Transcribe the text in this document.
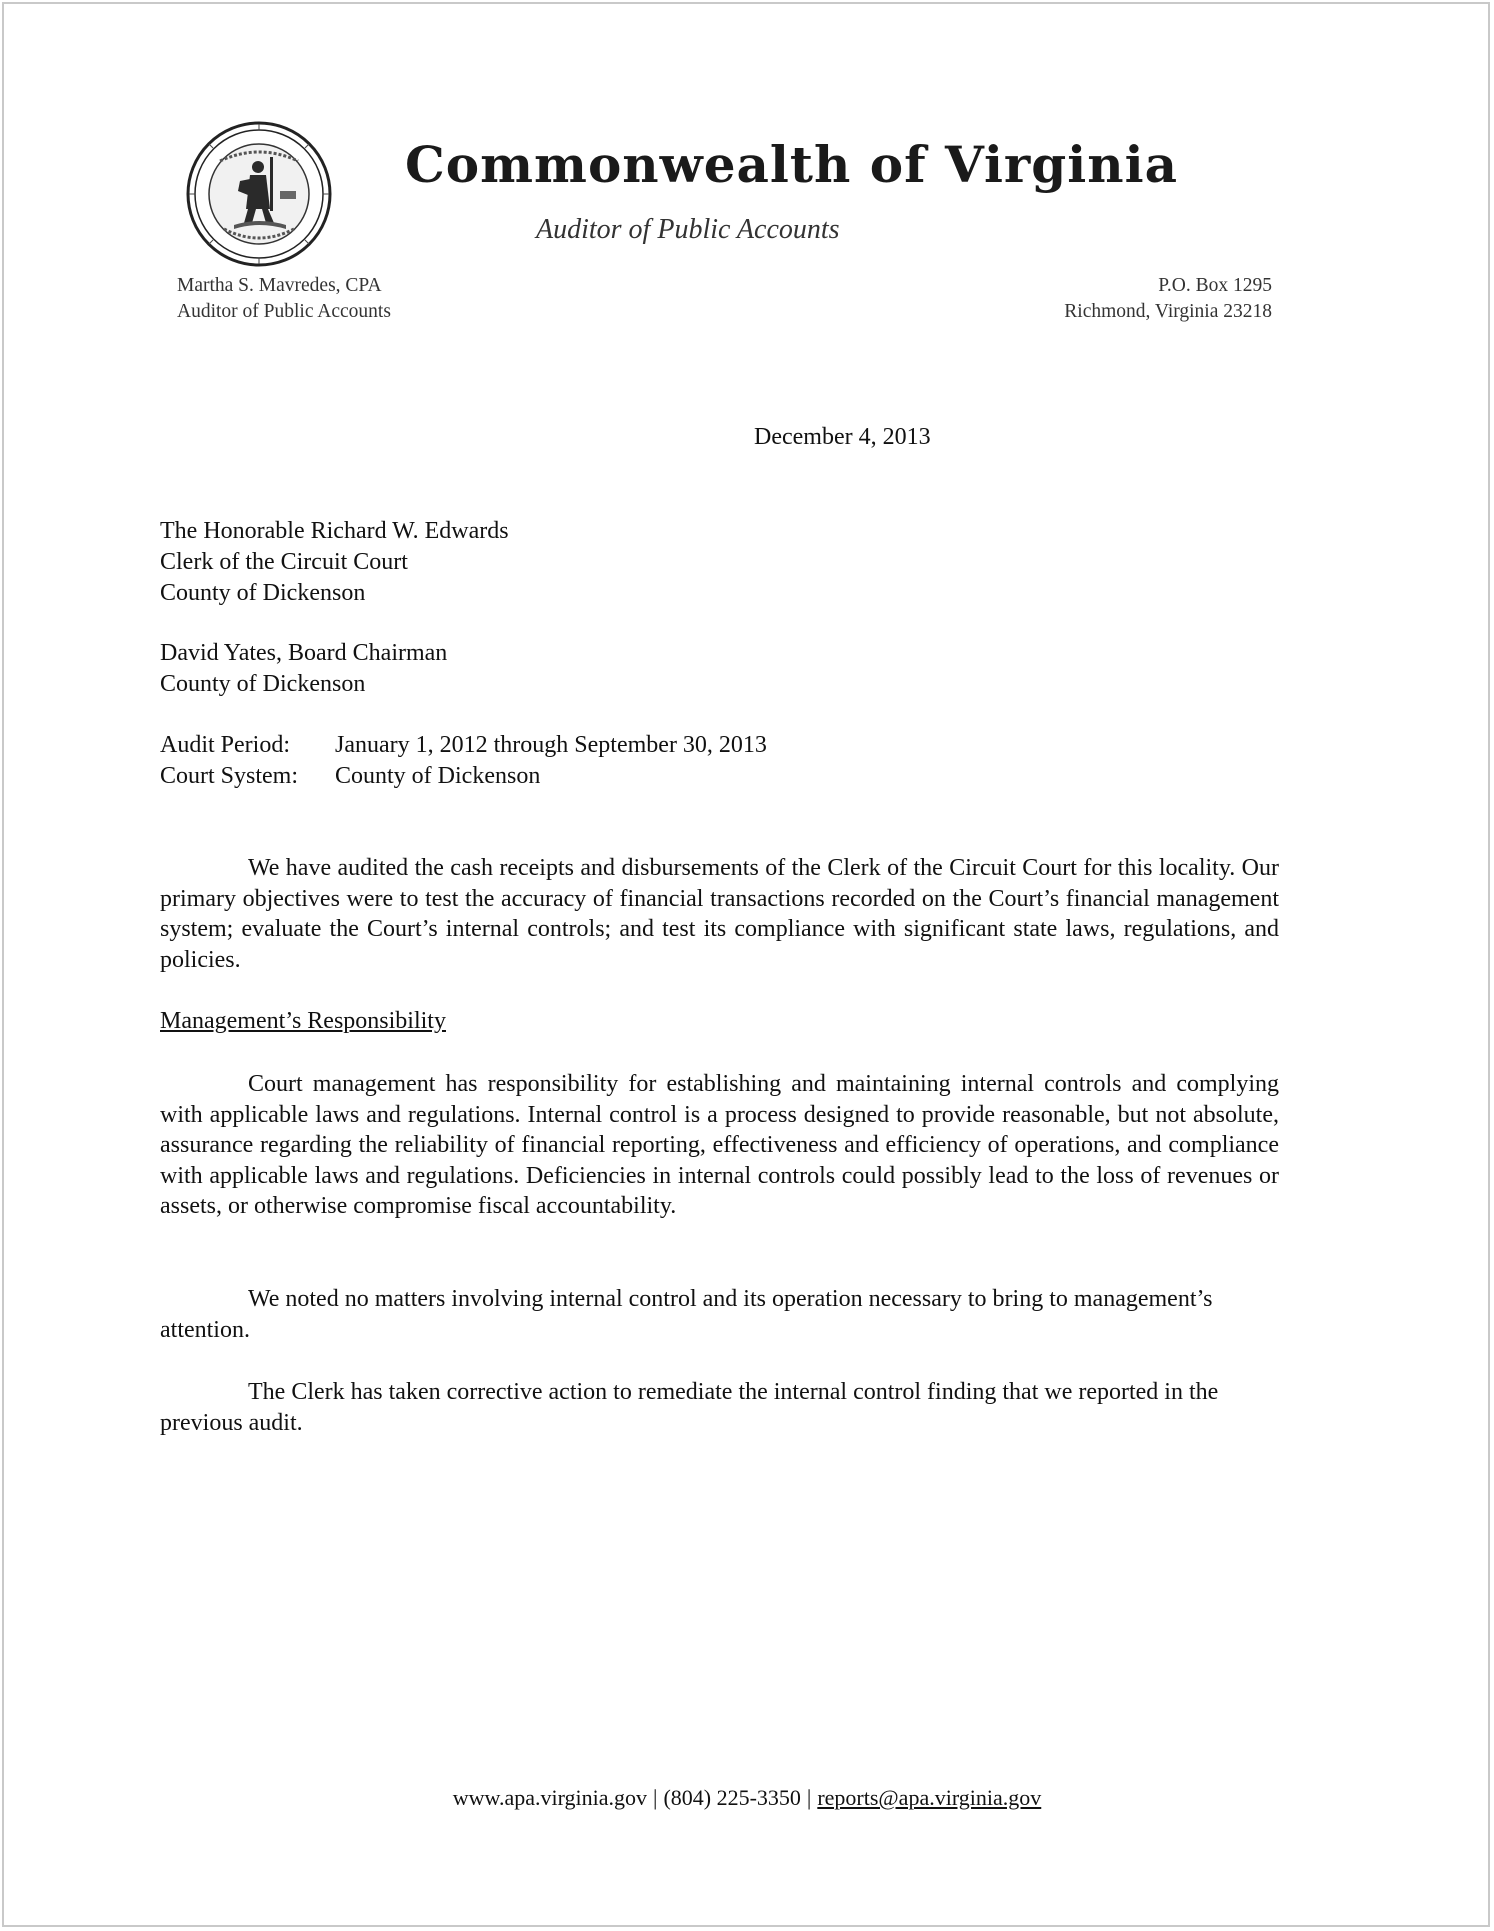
Commonwealth of Virginia
Auditor of Public Accounts
Martha S. Mavredes, CPA
Auditor of Public Accounts
P.O. Box 1295
Richmond, Virginia 23218
December 4, 2013
The Honorable Richard W. Edwards
Clerk of the Circuit Court
County of Dickenson
David Yates, Board Chairman
County of Dickenson
Audit Period: January 1, 2012 through September 30, 2013
Court System: County of Dickenson

We have audited the cash receipts and disbursements of the Clerk of the Circuit Court for this locality. Our primary objectives were to test the accuracy of financial transactions recorded on the Court’s financial management system; evaluate the Court’s internal controls; and test its compliance with significant state laws, regulations, and policies.

Management’s Responsibility

Court management has responsibility for establishing and maintaining internal controls and complying with applicable laws and regulations. Internal control is a process designed to provide reasonable, but not absolute, assurance regarding the reliability of financial reporting, effectiveness and efficiency of operations, and compliance with applicable laws and regulations. Deficiencies in internal controls could possibly lead to the loss of revenues or assets, or otherwise compromise fiscal accountability.

We noted no matters involving internal control and its operation necessary to bring to management’s attention.

The Clerk has taken corrective action to remediate the internal control finding that we reported in the previous audit.

www.apa.virginia.gov | (804) 225-3350 | reports@apa.virginia.gov
